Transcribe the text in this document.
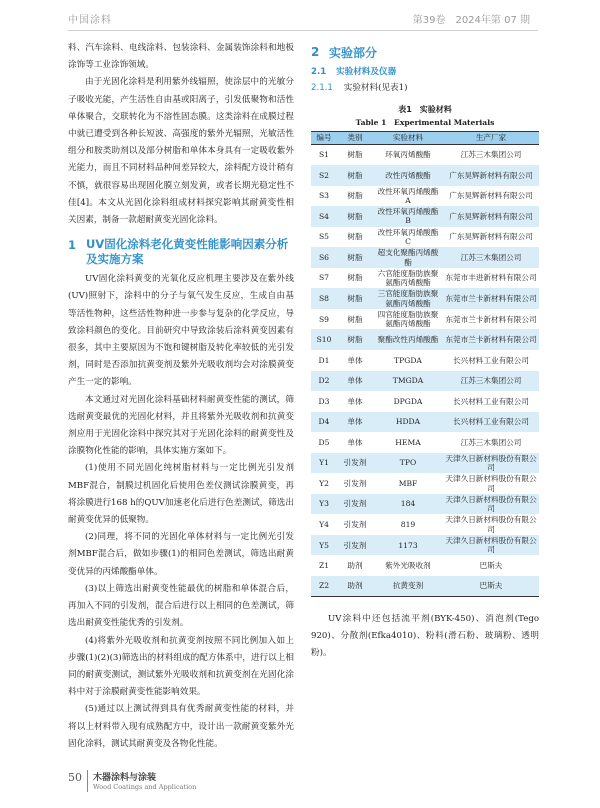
中国涂料	第39卷　2024年第 07 期

料、汽车涂料、电线涂料、包装涂料、金属装饰涂料和地板涂饰等工业涂饰领域。

由于光固化涂料是利用紫外线辐照，使涂层中的光敏分子吸收光能，产生活性自由基或阳离子，引发低聚物和活性单体聚合，交联转化为不溶性固态膜。这类涂料在成膜过程中就已遭受到各种长短波、高强度的紫外光辐照，光敏活性组分和胺类助剂以及部分树脂和单体本身具有一定吸收紫外光能力，而且不同材料品种间差异较大，涂料配方设计稍有不慎，就很容易出现固化膜立刻发黄，或者长期光稳定性不佳[4]。本文从光固化涂料组成材料探究影响其耐黄变性相关因素，制备一款超耐黄变光固化涂料。

1 UV固化涂料老化黄变性能影响因素分析及实施方案

UV固化涂料黄变的光氧化反应机理主要涉及在紫外线(UV)照射下，涂料中的分子与氧气发生反应，生成自由基等活性物种，这些活性物种进一步参与复杂的化学反应，导致涂料颜色的变化。目前研究中导致涂装后涂料黄变因素有很多，其中主要原因为不饱和键树脂及转化率较低的光引发剂，同时是否添加抗黄变剂及紫外光吸收剂均会对涂膜黄变产生一定的影响。

本文通过对光固化涂料基础材料耐黄变性能的测试，筛选耐黄变最优的光固化材料，并且将紫外光吸收剂和抗黄变剂应用于光固化涂料中探究其对于光固化涂料的耐黄变性及涂膜物化性能的影响，具体实施方案如下。

(1)使用不同光固化纯树脂材料与一定比例光引发剂MBF混合，制膜过机固化后使用色差仪测试涂膜黄变，再将涂膜进行168 h的QUV加速老化后进行色差测试，筛选出耐黄变优异的低聚物。

(2)同理，将不同的光固化单体材料与一定比例光引发剂MBF混合后，做如步骤(1)的相同色差测试，筛选出耐黄变优异的丙烯酸酯单体。

(3)以上筛选出耐黄变性能最优的树脂和单体混合后，再加入不同的引发剂，混合后进行以上相同的色差测试，筛选出耐黄变性能优秀的引发剂。

(4)将紫外光吸收剂和抗黄变剂按照不同比例加入如上步骤(1)(2)(3)筛选出的材料组成的配方体系中，进行以上相同的耐黄变测试，测试紫外光吸收剂和抗黄变剂在光固化涂料中对于涂膜耐黄变性能影响效果。

(5)通过以上测试得到具有优秀耐黄变性能的材料，并将以上材料带入现有成熟配方中，设计出一款耐黄变紫外光固化涂料，测试其耐黄变及各物化性能。

2 实验部分
2.1 实验材料及仪器
2.1.1 实验材料(见表1)
表1　实验材料
Table 1　Experimental Materials
编号	类别	实验材料	生产厂家
S1	树脂	环氧丙烯酸酯	江苏三木集团公司
S2	树脂	改性丙烯酸酯	广东昊辉新材料有限公司
S3	树脂	改性环氧丙烯酸酯 A	广东昊辉新材料有限公司
S4	树脂	改性环氧丙烯酸酯 B	广东昊辉新材料有限公司
S5	树脂	改性环氧丙烯酸酯 C	广东昊辉新材料有限公司
S6	树脂	超支化聚酯丙烯酸酯	江苏三木集团公司
S7	树脂	六官能度脂肪族聚氨酯丙烯酸酯	东莞市丰进新材料有限公司
S8	树脂	三官能度脂肪族聚氨酯丙烯酸酯	东莞市兰卡新材料有限公司
S9	树脂	四官能度脂肪族聚氨酯丙烯酸酯	东莞市兰卡新材料有限公司
S10	树脂	聚酯改性丙烯酸酯	东莞市兰卡新材料有限公司
D1	单体	TPGDA	长兴材料工业有限公司
D2	单体	TMGDA	江苏三木集团公司
D3	单体	DPGDA	长兴材料工业有限公司
D4	单体	HDDA	长兴材料工业有限公司
D5	单体	HEMA	江苏三木集团公司
Y1	引发剂	TPO	天津久日新材料股份有限公司
Y2	引发剂	MBF	天津久日新材料股份有限公司
Y3	引发剂	184	天津久日新材料股份有限公司
Y4	引发剂	819	天津久日新材料股份有限公司
Y5	引发剂	1173	天津久日新材料股份有限公司
Z1	助剂	紫外光吸收剂	巴斯夫
Z2	助剂	抗黄变剂	巴斯夫

UV涂料中还包括流平剂(BYK-450)、消泡剂(Tego 920)、分散剂(Efka4010)、粉料(滑石粉、玻璃粉、透明粉)。

50	木器涂料与涂装
Wood Coatings and Application
